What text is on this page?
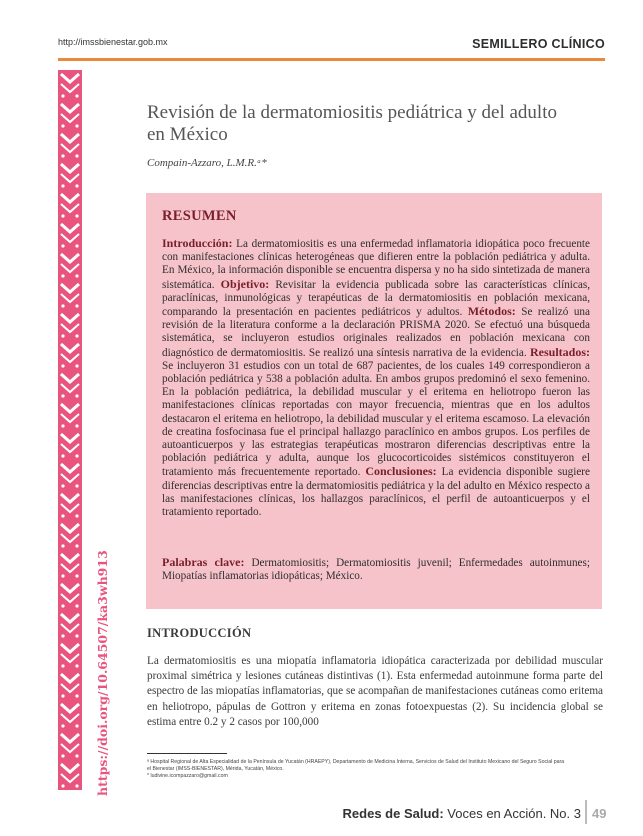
http://imssbienestar.gob.mx	SEMILLERO CLÍNICO
https://doi.org/10.64507/ka3wh913
Revisión de la dermatomiositis pediátrica y del adulto en México
Compain-Azzaro, L.M.R.ᵃ*
RESUMEN
Introducción: La dermatomiositis es una enfermedad inflamatoria idiopática poco frecuente con manifestaciones clínicas heterogéneas que difieren entre la población pediátrica y adulta. En México, la información disponible se encuentra dispersa y no ha sido sintetizada de manera sistemática. Objetivo: Revisitar la evidencia publicada sobre las características clínicas, paraclínicas, inmunológicas y terapéuticas de la dermatomiositis en población mexicana, comparando la presentación en pacientes pediátricos y adultos. Métodos: Se realizó una revisión de la literatura conforme a la declaración PRISMA 2020. Se efectuó una búsqueda sistemática, se incluyeron estudios originales realizados en población mexicana con diagnóstico de dermatomiositis. Se realizó una síntesis narrativa de la evidencia. Resultados: Se incluyeron 31 estudios con un total de 687 pacientes, de los cuales 149 correspondieron a población pediátrica y 538 a población adulta. En ambos grupos predominó el sexo femenino. En la población pediátrica, la debilidad muscular y el eritema en heliotropo fueron las manifestaciones clínicas reportadas con mayor frecuencia, mientras que en los adultos destacaron el eritema en heliotropo, la debilidad muscular y el eritema escamoso. La elevación de creatina fosfocinasa fue el principal hallazgo paraclínico en ambos grupos. Los perfiles de autoanticuerpos y las estrategias terapéuticas mostraron diferencias descriptivas entre la población pediátrica y adulta, aunque los glucocorticoides sistémicos constituyeron el tratamiento más frecuentemente reportado. Conclusiones: La evidencia disponible sugiere diferencias descriptivas entre la dermatomiositis pediátrica y la del adulto en México respecto a las manifestaciones clínicas, los hallazgos paraclínicos, el perfil de autoanticuerpos y el tratamiento reportado.
Palabras clave: Dermatomiositis; Dermatomiositis juvenil; Enfermedades autoinmunes; Miopatías inflamatorias idiopáticas; México.
INTRODUCCIÓN
La dermatomiositis es una miopatía inflamatoria idiopática caracterizada por debilidad muscular proximal simétrica y lesiones cutáneas distintivas (1). Esta enfermedad autoinmune forma parte del espectro de las miopatías inflamatorias, que se acompañan de manifestaciones cutáneas como eritema en heliotropo, pápulas de Gottron y eritema en zonas fotoexpuestas (2). Su incidencia global se estima entre 0.2 y 2 casos por 100,000
ᵃ Hospital Regional de Alta Especialidad de la Península de Yucatán (HRAEPY), Departamento de Medicina Interna, Servicios de Salud del Instituto Mexicano del Seguro Social para el Bienestar (IMSS-BIENESTAR), Mérida, Yucatán, México.
* ludivine.icompazzaro@gmail.com
Redes de Salud: Voces en Acción. No. 3 49
